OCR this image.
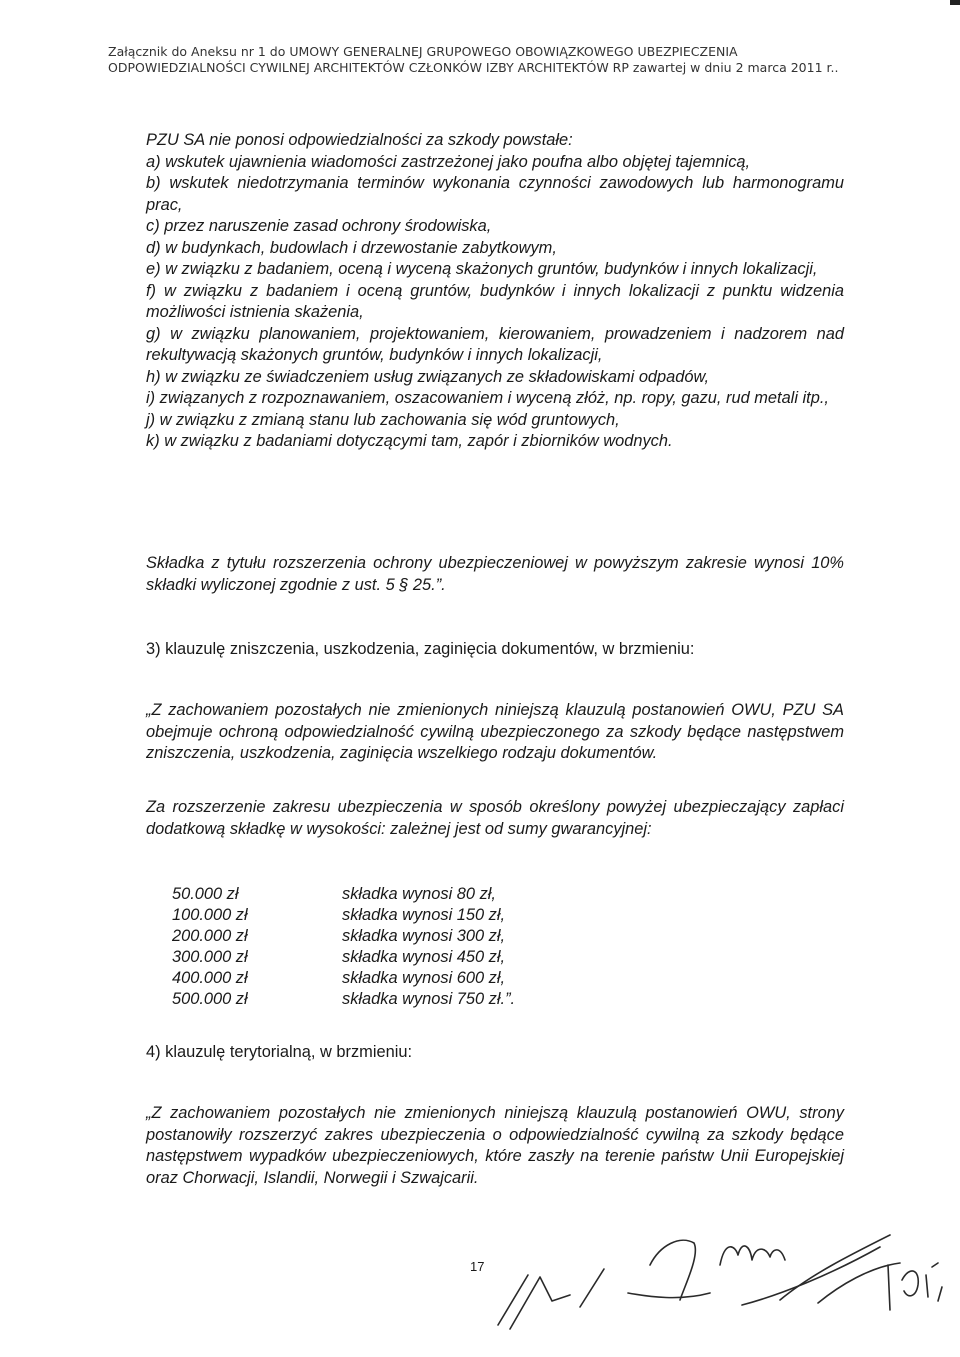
Załącznik do Aneksu nr 1 do UMOWY GENERALNEJ GRUPOWEGO OBOWIĄZKOWEGO UBEZPIECZENIA ODPOWIEDZIALNOŚCI CYWILNEJ ARCHITEKTÓW CZŁONKÓW IZBY ARCHITEKTÓW RP zawartej w dniu 2 marca 2011 r..

PZU SA nie ponosi odpowiedzialności za szkody powstałe:

a) wskutek ujawnienia wiadomości zastrzeżonej jako poufna albo objętej tajemnicą,

b) wskutek niedotrzymania terminów wykonania czynności zawodowych lub harmonogramu prac,

c) przez naruszenie zasad ochrony środowiska,

d) w budynkach, budowlach i drzewostanie zabytkowym,

e) w związku z badaniem, oceną i wyceną skażonych gruntów, budynków i innych lokalizacji,

f) w związku z badaniem i oceną gruntów, budynków i innych lokalizacji z punktu widzenia możliwości istnienia skażenia,

g) w związku planowaniem, projektowaniem, kierowaniem, prowadzeniem i nadzorem nad rekultywacją skażonych gruntów, budynków i innych lokalizacji,

h) w związku ze świadczeniem usług związanych ze składowiskami odpadów,

i) związanych z rozpoznawaniem, oszacowaniem i wyceną złóż, np. ropy, gazu, rud metali itp.,

j) w związku z zmianą stanu lub zachowania się wód gruntowych,

k) w związku z badaniami dotyczącymi tam, zapór i zbiorników wodnych.

Składka z tytułu rozszerzenia ochrony ubezpieczeniowej w powyższym zakresie wynosi 10% składki wyliczonej zgodnie z ust. 5 § 25.”.

3) klauzulę zniszczenia, uszkodzenia, zaginięcia dokumentów, w brzmieniu:

„Z zachowaniem pozostałych nie zmienionych niniejszą klauzulą postanowień OWU, PZU SA obejmuje ochroną odpowiedzialność cywilną ubezpieczonego za szkody będące następstwem zniszczenia, uszkodzenia, zaginięcia wszelkiego rodzaju dokumentów.

Za rozszerzenie zakresu ubezpieczenia w sposób określony powyżej ubezpieczający zapłaci dodatkową składkę w wysokości: zależnej jest od sumy gwarancyjnej:

50.000 zł	składka wynosi 80 zł,
100.000 zł	składka wynosi 150 zł,
200.000 zł	składka wynosi 300 zł,
300.000 zł	składka wynosi 450 zł,
400.000 zł	składka wynosi 600 zł,
500.000 zł	składka wynosi 750 zł.”.
4) klauzulę terytorialną, w brzmieniu:

„Z zachowaniem pozostałych nie zmienionych niniejszą klauzulą postanowień OWU, strony postanowiły rozszerzyć zakres ubezpieczenia o odpowiedzialność cywilną za szkody będące następstwem wypadków ubezpieczeniowych, które zaszły na terenie państw Unii Europejskiej oraz Chorwacji, Islandii, Norwegii i Szwajcarii.

17
